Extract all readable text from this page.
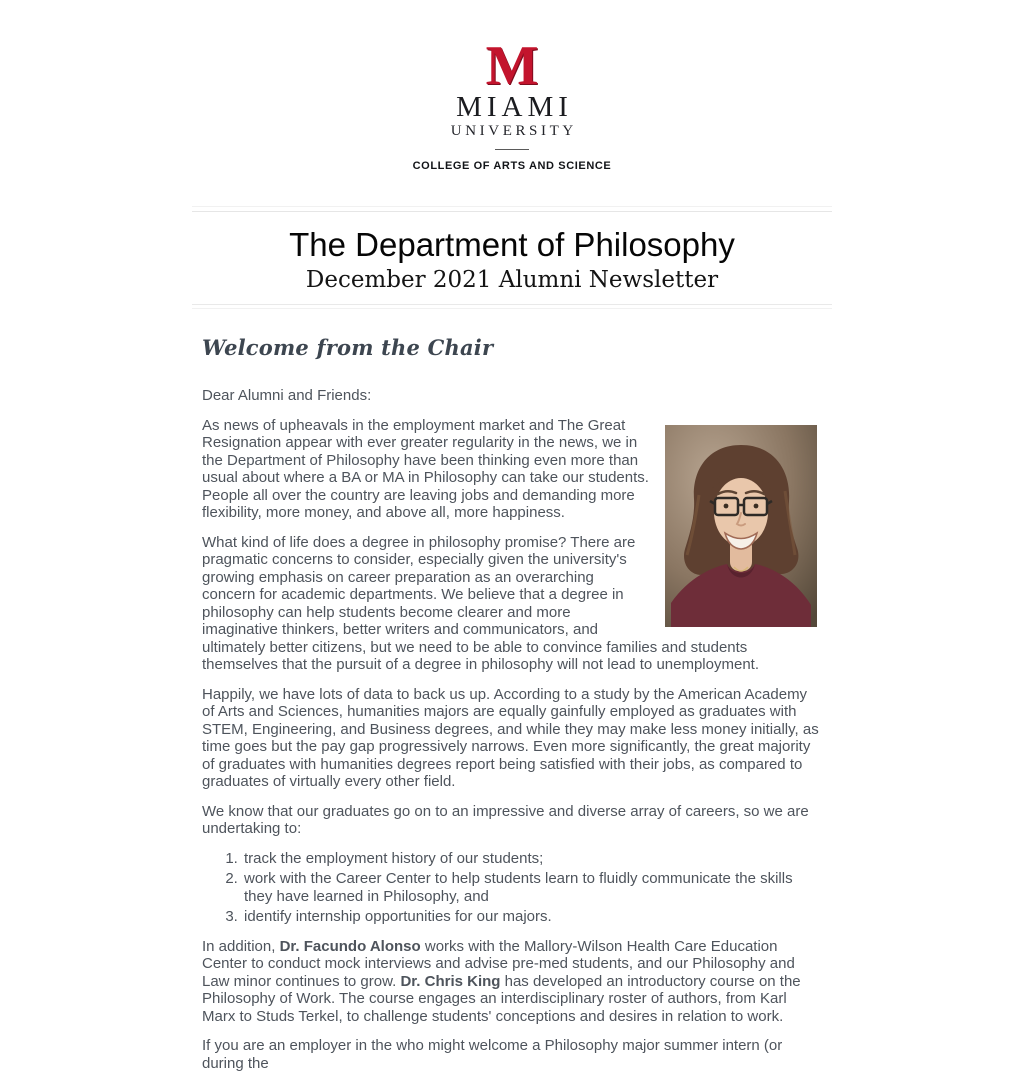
M
MIAMI
UNIVERSITY
COLLEGE OF ARTS AND SCIENCE
The Department of Philosophy
December 2021 Alumni Newsletter
Welcome from the Chair

Dear Alumni and Friends:

As news of upheavals in the employment market and The Great Resignation appear with ever greater regularity in the news, we in the Department of Philosophy have been thinking even more than usual about where a BA or MA in Philosophy can take our students. People all over the country are leaving jobs and demanding more flexibility, more money, and above all, more happiness.

What kind of life does a degree in philosophy promise? There are pragmatic concerns to consider, especially given the university's growing emphasis on career preparation as an overarching concern for academic departments. We believe that a degree in philosophy can help students become clearer and more imaginative thinkers, better writers and communicators, and ultimately better citizens, but we need to be able to convince families and students themselves that the pursuit of a degree in philosophy will not lead to unemployment.

Happily, we have lots of data to back us up. According to a study by the American Academy of Arts and Sciences, humanities majors are equally gainfully employed as graduates with STEM, Engineering, and Business degrees, and while they may make less money initially, as time goes but the pay gap progressively narrows. Even more significantly, the great majority of graduates with humanities degrees report being satisfied with their jobs, as compared to graduates of virtually every other field.

We know that our graduates go on to an impressive and diverse array of careers, so we are undertaking to:

1. track the employment history of our students;
2. work with the Career Center to help students learn to fluidly communicate the skills they have learned in Philosophy, and
3. identify internship opportunities for our majors.

In addition, Dr. Facundo Alonso works with the Mallory-Wilson Health Care Education Center to conduct mock interviews and advise pre-med students, and our Philosophy and Law minor continues to grow. Dr. Chris King has developed an introductory course on the Philosophy of Work. The course engages an interdisciplinary roster of authors, from Karl Marx to Studs Terkel, to challenge students' conceptions and desires in relation to work.

If you are an employer in the who might welcome a Philosophy major summer intern (or during the
